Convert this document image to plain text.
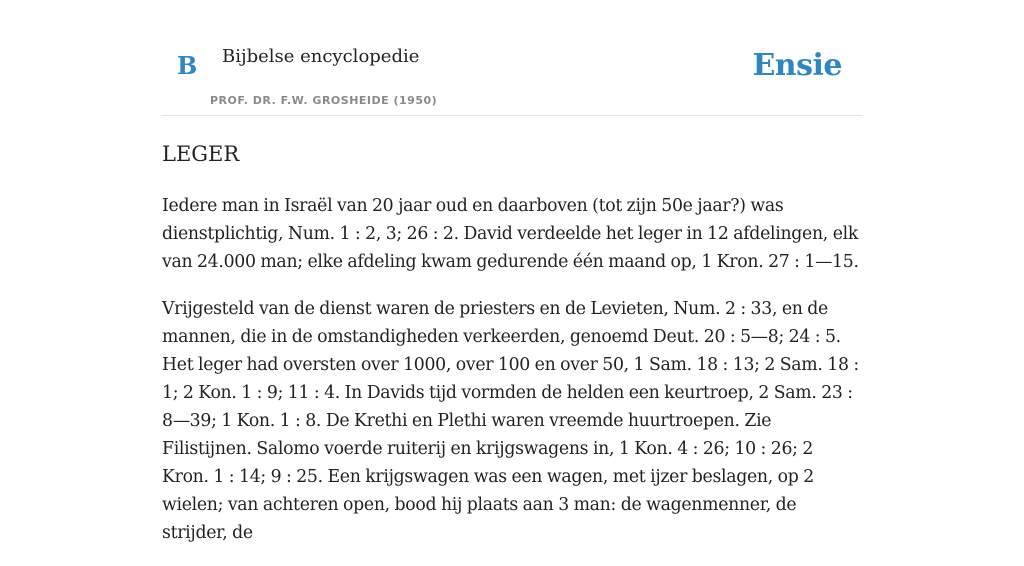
B Bijbelse encyclopedie
PROF. DR. F.W. GROSHEIDE (1950)
Ensie
LEGER

Iedere man in Israël van 20 jaar oud en daarboven (tot zijn 50e jaar?) was dienstplichtig, Num. 1 : 2, 3; 26 : 2. David verdeelde het leger in 12 afdelingen, elk van 24.000 man; elke afdeling kwam gedurende één maand op, 1 Kron. 27 : 1—15.

Vrijgesteld van de dienst waren de priesters en de Levieten, Num. 2 : 33, en de mannen, die in de omstandigheden verkeerden, genoemd Deut. 20 : 5—8; 24 : 5. Het leger had oversten over 1000, over 100 en over 50, 1 Sam. 18 : 13; 2 Sam. 18 : 1; 2 Kon. 1 : 9; 11 : 4. In Davids tijd vormden de helden een keurtroep, 2 Sam. 23 : 8—39; 1 Kon. 1 : 8. De Krethi en Plethi waren vreemde huurtroepen. Zie Filistijnen. Salomo voerde ruiterij en krijgswagens in, 1 Kon. 4 : 26; 10 : 26; 2 Kron. 1 : 14; 9 : 25. Een krijgswagen was een wagen, met ijzer beslagen, op 2 wielen; van achteren open, bood hij plaats aan 3 man: de wagenmenner, de strijder, de
